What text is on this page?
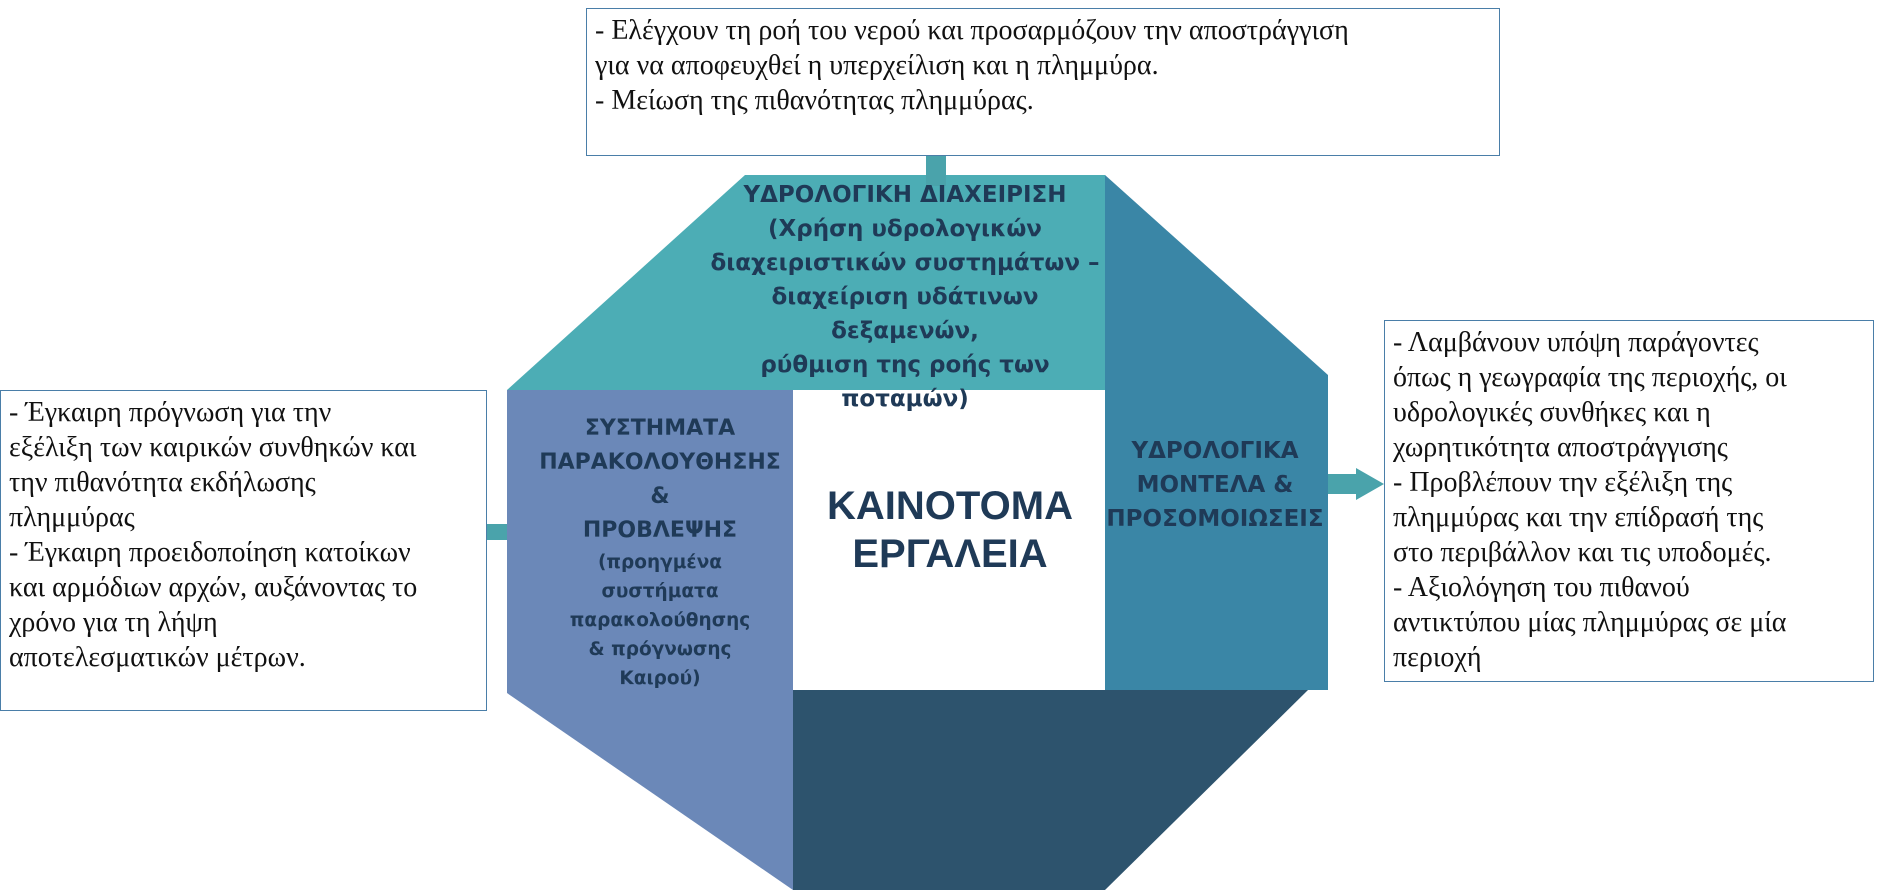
ΥΔΡΟΛΟΓΙΚΗ ΔΙΑΧΕΙΡΙΣΗ
(Χρήση υδρολογικών
διαχειριστικών συστημάτων –
διαχείριση υδάτινων
δεξαμενών,
ρύθμιση της ροής των ποταμών)
ΣΥΣΤΗΜΑΤΑ
ΠΑΡΑΚΟΛΟΥΘΗΣΗΣ
&
ΠΡΟΒΛΕΨΗΣ
(προηγμένα
συστήματα
παρακολούθησης
& πρόγνωσης
Καιρού)
ΥΔΡΟΛΟΓΙΚΑ
ΜΟΝΤΕΛΑ &
ΠΡΟΣΟΜΟΙΩΣΕΙΣ
ΚΑΙΝΟΤΟΜΑ
ΕΡΓΑΛΕΙΑ
- Ελέγχουν τη ροή του νερού και προσαρμόζουν την αποστράγγιση
για να αποφευχθεί η υπερχείλιση και η πλημμύρα.
- Μείωση της πιθανότητας πλημμύρας.
- Έγκαιρη πρόγνωση για την
εξέλιξη των καιρικών συνθηκών και
την πιθανότητα εκδήλωσης
πλημμύρας
- Έγκαιρη προειδοποίηση κατοίκων
και αρμόδιων αρχών, αυξάνοντας το
χρόνο για τη λήψη
αποτελεσματικών μέτρων.
- Λαμβάνουν υπόψη παράγοντες
όπως η γεωγραφία της περιοχής, οι
υδρολογικές συνθήκες και η
χωρητικότητα αποστράγγισης
- Προβλέπουν την εξέλιξη της
πλημμύρας και την επίδρασή της
στο περιβάλλον και τις υποδομές.
- Αξιολόγηση του πιθανού
αντικτύπου μίας πλημμύρας σε μία
περιοχή
